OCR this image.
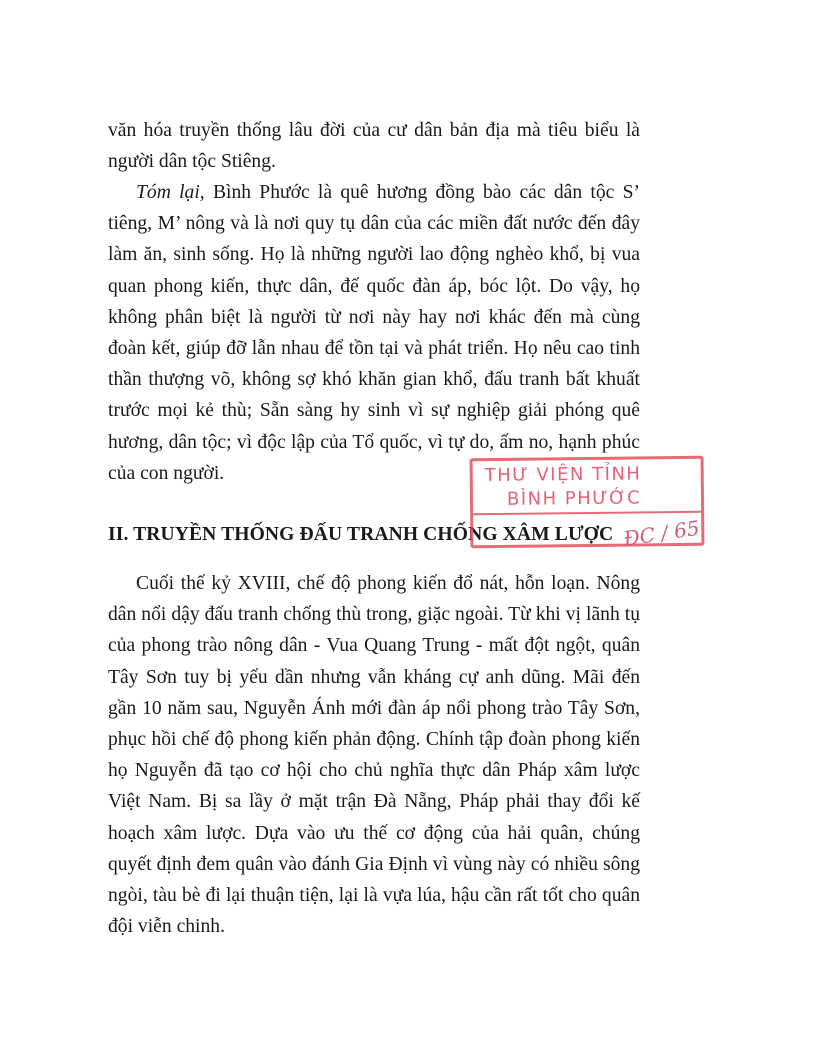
văn hóa truyền thống lâu đời của cư dân bản địa mà tiêu biểu là người dân tộc Stiêng.

Tóm lại, Bình Phước là quê hương đồng bào các dân tộc S’ tiêng, M’ nông và là nơi quy tụ dân của các miền đất nước đến đây làm ăn, sinh sống. Họ là những người lao động nghèo khổ, bị vua quan phong kiến, thực dân, đế quốc đàn áp, bóc lột. Do vậy, họ không phân biệt là người từ nơi này hay nơi khác đến mà cùng đoàn kết, giúp đỡ lẫn nhau để tồn tại và phát triển. Họ nêu cao tinh thần thượng võ, không sợ khó khăn gian khổ, đấu tranh bất khuất trước mọi kẻ thù; Sẵn sàng hy sinh vì sự nghiệp giải phóng quê hương, dân tộc; vì độc lập của Tổ quốc, vì tự do, ấm no, hạnh phúc của con người.

II. TRUYỀN THỐNG ĐẤU TRANH CHỐNG XÂM LƯỢC

Cuối thế kỷ XVIII, chế độ phong kiến đổ nát, hỗn loạn. Nông dân nổi dậy đấu tranh chống thù trong, giặc ngoài. Từ khi vị lãnh tụ của phong trào nông dân - Vua Quang Trung - mất đột ngột, quân Tây Sơn tuy bị yếu dần nhưng vẫn kháng cự anh dũng. Mãi đến gần 10 năm sau, Nguyễn Ánh mới đàn áp nổi phong trào Tây Sơn, phục hồi chế độ phong kiến phản động. Chính tập đoàn phong kiến họ Nguyễn đã tạo cơ hội cho chủ nghĩa thực dân Pháp xâm lược Việt Nam. Bị sa lầy ở mặt trận Đà Nẵng, Pháp phải thay đổi kế hoạch xâm lược. Dựa vào ưu thế cơ động của hải quân, chúng quyết định đem quân vào đánh Gia Định vì vùng này có nhiều sông ngòi, tàu bè đi lại thuận tiện, lại là vựa lúa, hậu cần rất tốt cho quân đội viễn chinh.

THƯ VIỆN TỈNH
BÌNH PHƯỚC
ĐC / 65
